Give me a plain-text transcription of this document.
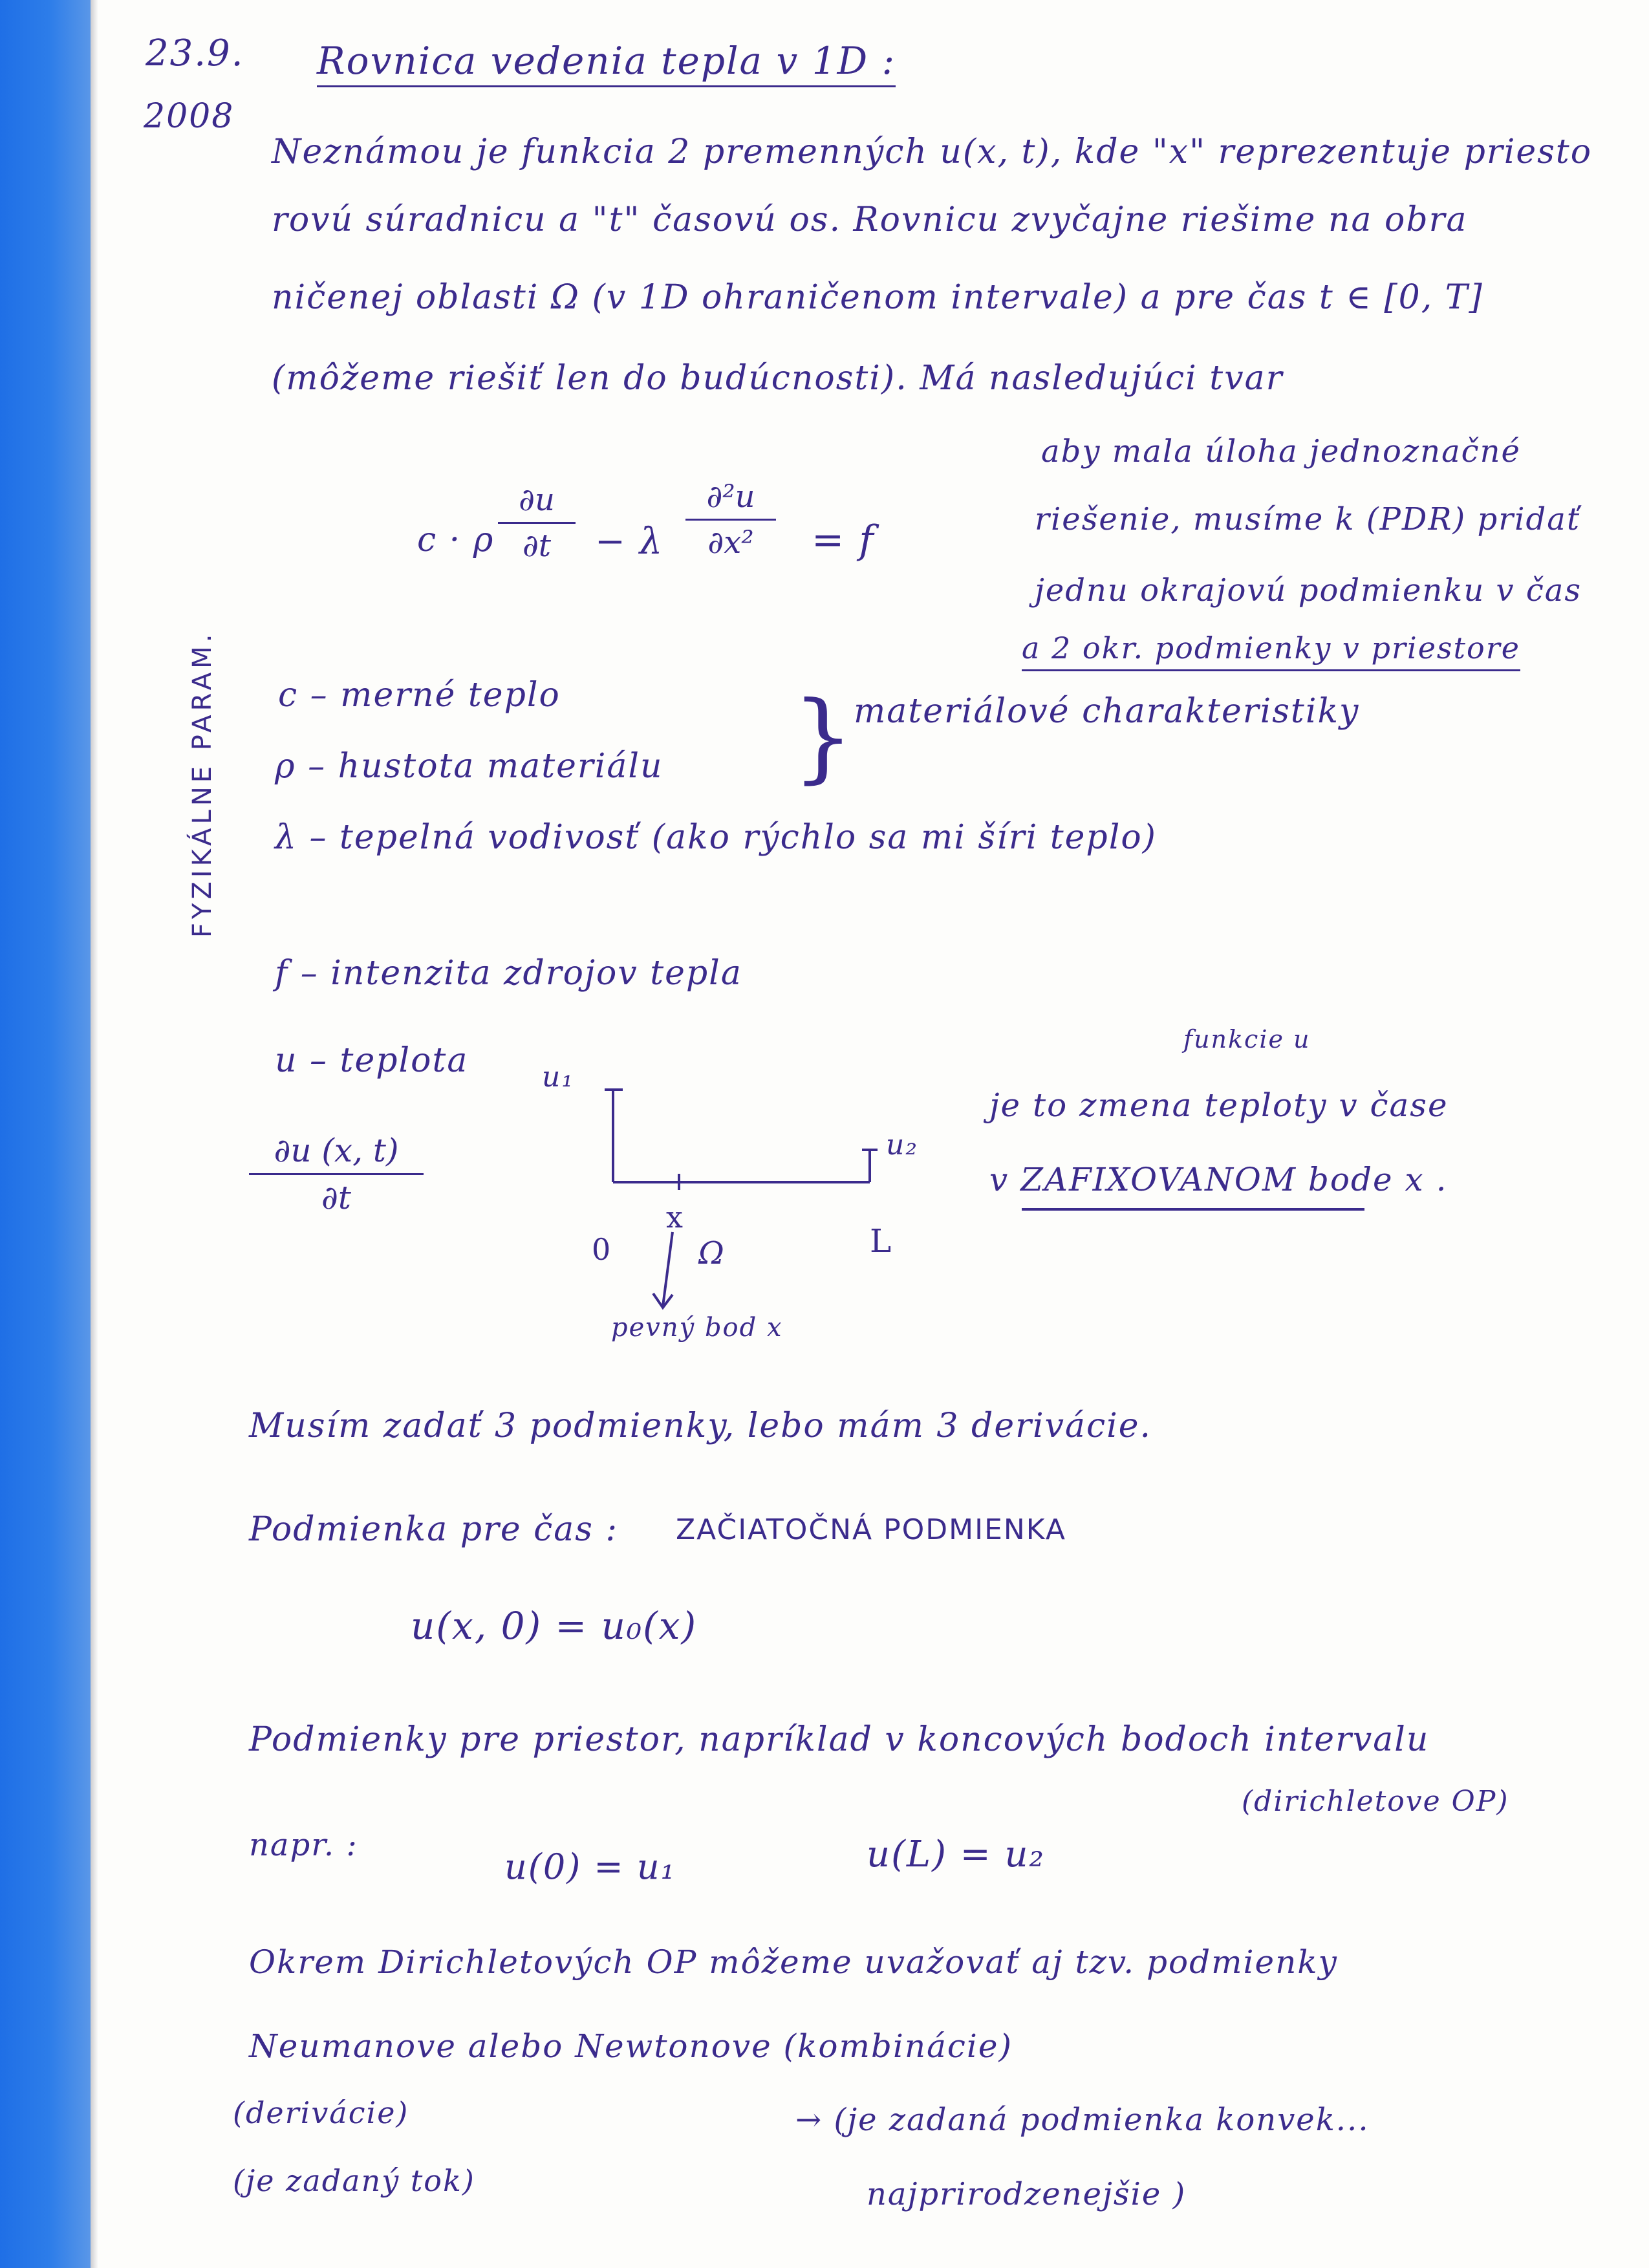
23.9.
2008
Rovnica vedenia tepla v 1D :
Neznámou je funkcia 2 premenných u(x, t), kde "x" reprezentuje priesto
rovú súradnicu a "t" časovú os. Rovnicu zvyčajne riešime na obra
ničenej oblasti Ω (v 1D ohraničenom intervale) a pre čas t ∈ [0, T]
(môžeme riešiť len do budúcnosti). Má nasledujúci tvar
c · ρ
∂u
∂t	− λ
∂²u
∂x²	= f
aby mala úloha jednoznačné
riešenie, musíme k (PDR) pridať
jednu okrajovú podmienku v čas
a 2 okr. podmienky v priestore
FYZIKÁLNE PARAM. c – merné teplo
ρ – hustota materiálu } materiálové charakteristiky
λ – tepelná vodivosť (ako rýchlo sa mi šíri teplo)
f – intenzita zdrojov tepla
u – teplota
∂u (x, t)
∂t
u₁
u₂
0
x
Ω	L
pevný bod x
funkcie u
je to zmena teploty v čase
v ZAFIXOVANOM bode x .
Musím zadať 3 podmienky, lebo mám 3 derivácie.
Podmienka pre čas : ZAČIATOČNÁ PODMIENKA
u(x, 0) = u₀(x)
Podmienky pre priestor, napríklad v koncových bodoch intervalu
napr. :
u(0) = u₁	u(L) = u₂
(dirichletove OP)
Okrem Dirichletových OP môžeme uvažovať aj tzv. podmienky
Neumanove alebo Newtonove (kombinácie)
(derivácie)
(je zadaný tok)
→ (je zadaná podmienka konvek...
najprirodzenejšie )
